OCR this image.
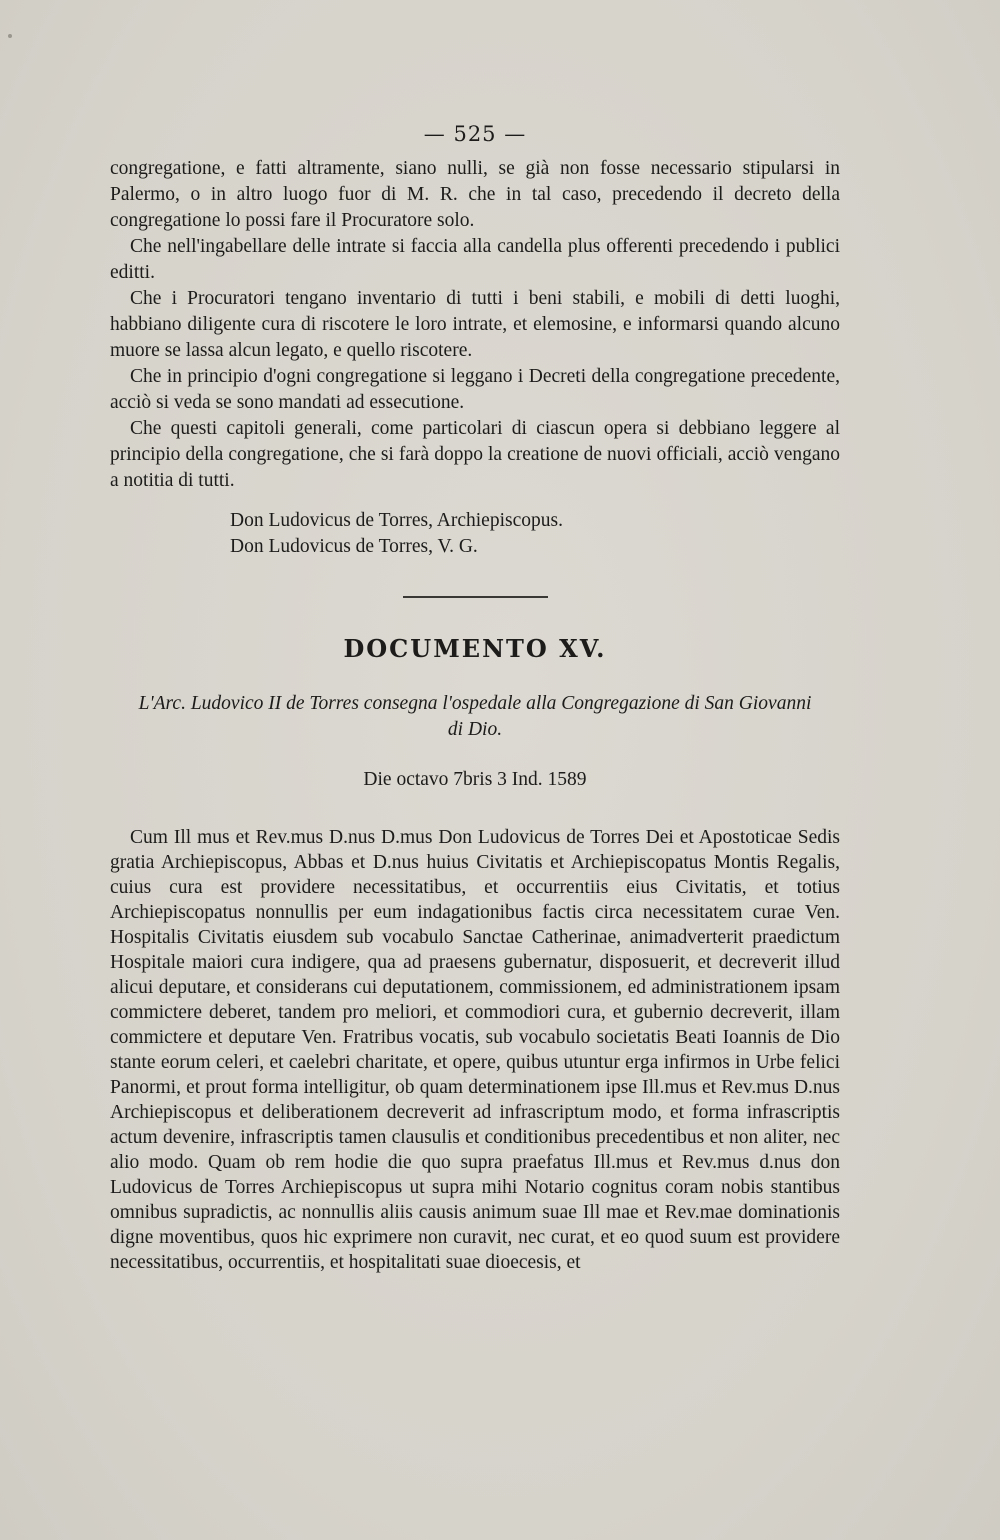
— 525 —

congregatione, e fatti altramente, siano nulli, se già non fosse necessario stipularsi in Palermo, o in altro luogo fuor di M. R. che in tal caso, precedendo il decreto della congregatione lo possi fare il Procuratore solo.

Che nell'ingabellare delle intrate si faccia alla candella plus offerenti precedendo i publici editti.

Che i Procuratori tengano inventario di tutti i beni stabili, e mobili di detti luoghi, habbiano diligente cura di riscotere le loro intrate, et elemosine, e informarsi quando alcuno muore se lassa alcun legato, e quello riscotere.

Che in principio d'ogni congregatione si leggano i Decreti della congregatione precedente, acciò si veda se sono mandati ad essecutione.

Che questi capitoli generali, come particolari di ciascun opera si debbiano leggere al principio della congregatione, che si farà doppo la creatione de nuovi officiali, acciò vengano a notitia di tutti.

Don Ludovicus de Torres, Archiepiscopus.
Don Ludovicus de Torres, V. G.
DOCUMENTO XV.
L'Arc. Ludovico II de Torres consegna l'ospedale alla Congregazione di San Giovanni di Dio.
Die octavo 7bris 3 Ind. 1589

Cum Ill mus et Rev.mus D.nus D.mus Don Ludovicus de Torres Dei et Apostoticae Sedis gratia Archiepiscopus, Abbas et D.nus huius Civitatis et Archiepiscopatus Montis Regalis, cuius cura est providere necessitatibus, et occurrentiis eius Civitatis, et totius Archiepiscopatus nonnullis per eum indagationibus factis circa necessitatem curae Ven. Hospitalis Civitatis eiusdem sub vocabulo Sanctae Catherinae, animadverterit praedictum Hospitale maiori cura indigere, qua ad praesens gubernatur, disposuerit, et decreverit illud alicui deputare, et considerans cui deputationem, commissionem, ed administrationem ipsam commictere deberet, tandem pro meliori, et commodiori cura, et gubernio decreverit, illam commictere et deputare Ven. Fratribus vocatis, sub vocabulo societatis Beati Ioannis de Dio stante eorum celeri, et caelebri charitate, et opere, quibus utuntur erga infirmos in Urbe felici Panormi, et prout forma intelligitur, ob quam determinationem ipse Ill.mus et Rev.mus D.nus Archiepiscopus et deliberationem decreverit ad infrascriptum modo, et forma infrascriptis actum devenire, infrascriptis tamen clausulis et conditionibus precedentibus et non aliter, nec alio modo. Quam ob rem hodie die quo supra praefatus Ill.mus et Rev.mus d.nus don Ludovicus de Torres Archiepiscopus ut supra mihi Notario cognitus coram nobis stantibus omnibus supradictis, ac nonnullis aliis causis animum suae Ill mae et Rev.mae dominationis digne moventibus, quos hic exprimere non curavit, nec curat, et eo quod suum est providere necessitatibus, occurrentiis, et hospitalitati suae dioecesis, et
